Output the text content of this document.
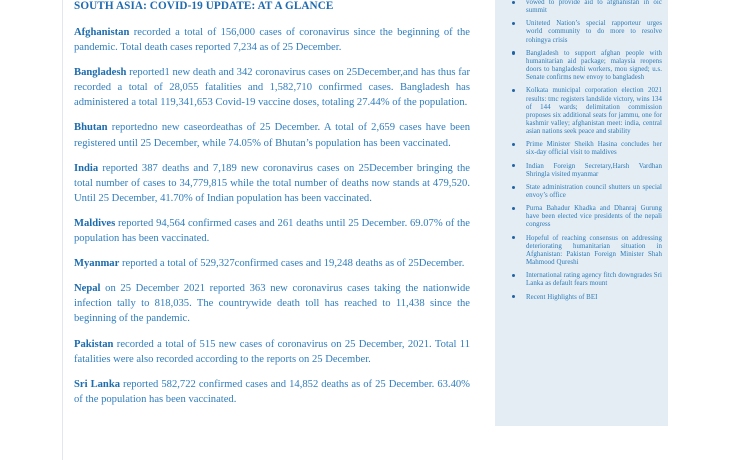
SOUTH ASIA: COVID-19 UPDATE: AT A GLANCE

Afghanistan recorded a total of 156,000 cases of coronavirus since the beginning of the pandemic. Total death cases reported 7,234 as of 25 December.

Bangladesh reported1 new death and 342 coronavirus cases on 25December,and has thus far recorded a total of 28,055 fatalities and 1,582,710 confirmed cases. Bangladesh has administered a total 119,341,653 Covid-19 vaccine doses, totaling 27.44% of the population.

Bhutan reportedno new caseordeathas of 25 December. A total of 2,659 cases have been registered until 25 December, while 74.05% of Bhutan’s population has been vaccinated.

India reported 387 deaths and 7,189 new coronavirus cases on 25December bringing the total number of cases to 34,779,815 while the total number of deaths now stands at 479,520. Until 25 December, 41.70% of Indian population has been vaccinated.

Maldives reported 94,564 confirmed cases and 261 deaths until 25 December. 69.07% of the population has been vaccinated.

Myanmar reported a total of 529,327confirmed cases and 19,248 deaths as of 25December.

Nepal on 25 December 2021 reported 363 new coronavirus cases taking the nationwide infection tally to 818,035. The countrywide death toll has reached to 11,438 since the beginning of the pandemic.

Pakistan recorded a total of 515 new cases of coronavirus on 25 December, 2021. Total 11 fatalities were also recorded according to the reports on 25 December.

Sri Lanka reported 582,722 confirmed cases and 14,852 deaths as of 25 December. 63.40% of the population has been vaccinated.

vowed to provide aid to afghanistan in oic summit
Uniteted Nation’s special rapporteur urges world community to do more to resolve rohingya crisis
Bangladesh to support afghan people with humanitarian aid package; malaysia reopens doors to bangladeshi workers, mou signed; u.s. Senate confirms new envoy to bangladesh
Kolkata municipal corporation election 2021 results: tmc registers landslide victory, wins 134 of 144 wards; delimitation commission proposes six additional seats for jammu, one for kashmir valley; afghanistan meet: india, central asian nations seek peace and stability
Prime Minister Sheikh Hasina concludes her six-day official visit to maldives
Indian Foreign Secretary,Harsh Vardhan Shringla visited myanmar
State administration council shutters un special envoy’s office
Purna Bahadur Khadka and Dhanraj Gurung have been elected vice presidents of the nepali congress
Hopeful of reaching consensus on addressing deteriorating humanitarian situation in Afghanistan: Pakistan Foreign Minister Shah Mahmood Qureshi
International rating agency fitch downgrades Sri Lanka as default fears mount
Recent Highlights of BEI
